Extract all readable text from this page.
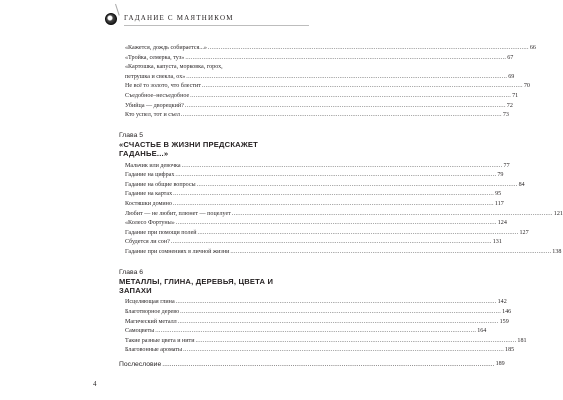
ГАДАНИЕ С МАЯТНИКОМ
«Кажется, дождь собирается...» .....	66
«Тройка, семерка, туз» .....	67
«Картошка, капуста, морковка, горох,
петрушка и свекла, ох» .....	69
Не всё то золото, что блестит .....	70
Съедобное–несъедобное .....	71
Убийца — дворецкий? .....	72
Кто успел, тот и съел .....	73
Глава 5
«СЧАСТЬЕ В ЖИЗНИ ПРЕДСКАЖЕТ
ГАДАНЬЕ...»
Мальчик или девочка .....	77
Гадание на цифрах .....	79
Гадание на общие вопросы .....	84
Гадание на картах .....	95
Костяшки домино .....	117
Любит — не любит, плюнет — поцелует .....	121
«Колесо Фортуны» .....	124
Гадание при помощи полей .....	127
Сбудется ли сон? .....	131
Гадание при сомнениях в личной жизни .....	138
Глава 6
МЕТАЛЛЫ, ГЛИНА, ДЕРЕВЬЯ, ЦВЕТА И ЗАПАХИ
Исцеляющая глина .....	142
Благотворное дерево .....	146
Магический металл .....	159
Самоцветы .....	164
Такие разные цвета и нити .....	181
Благовонные ароматы .....	185
Послесловие .....	189
4
